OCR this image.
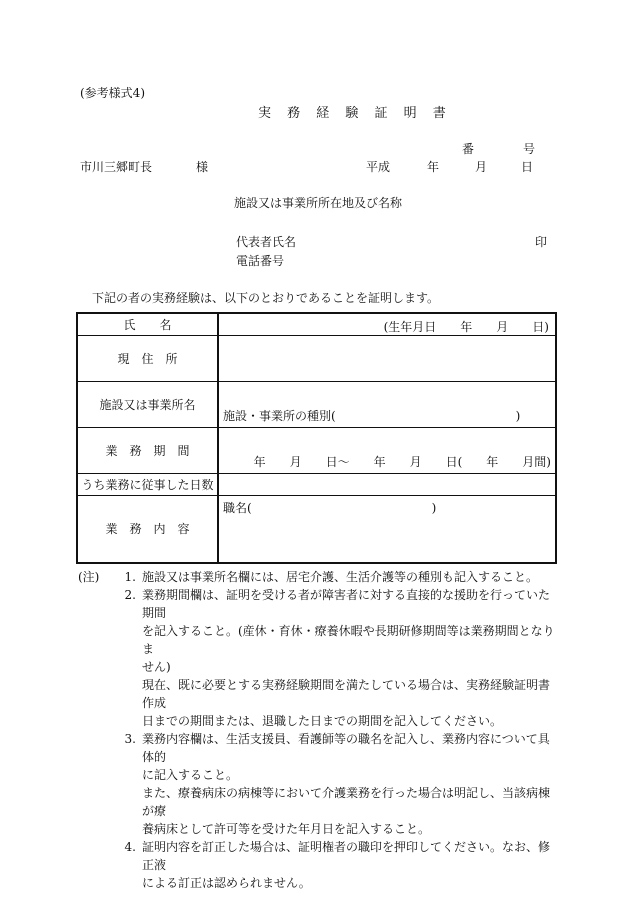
(参考様式4)
実 務 経 験 証 明 書
番	号
市川三郷町長	様	平成	年	月	日
施設又は事業所所在地及び名称
代表者氏名	印
電話番号
下記の者の実務経験は、以下のとおりであることを証明します。
氏　　名	(生年月日　　年　　月　　日)

現　住　所	
施設又は事業所名	施設・事業所の種別(　　　　　　　　　　　　　　　)

業　務　期　間	年　　月　　日～　　年　　月　　日(　　年　　月間)

うち業務に従事した日数	
業　務　内　容	職名(　　　　　　　　　　　　　　　)
(注)	1. 施設又は事業所名欄には、居宅介護、生活介護等の種別も記入すること。
2. 業務期間欄は、証明を受ける者が障害者に対する直接的な援助を行っていた期間
を記入すること。(産休・育休・療養休暇や長期研修期間等は業務期間となりま
せん)
現在、既に必要とする実務経験期間を満たしている場合は、実務経験証明書作成
日までの期間または、退職した日までの期間を記入してください。
3. 業務内容欄は、生活支援員、看護師等の職名を記入し、業務内容について具体的
に記入すること。
また、療養病床の病棟等において介護業務を行った場合は明記し、当該病棟が療
養病床として許可等を受けた年月日を記入すること。
4. 証明内容を訂正した場合は、証明権者の職印を押印してください。なお、修正液
による訂正は認められません。
